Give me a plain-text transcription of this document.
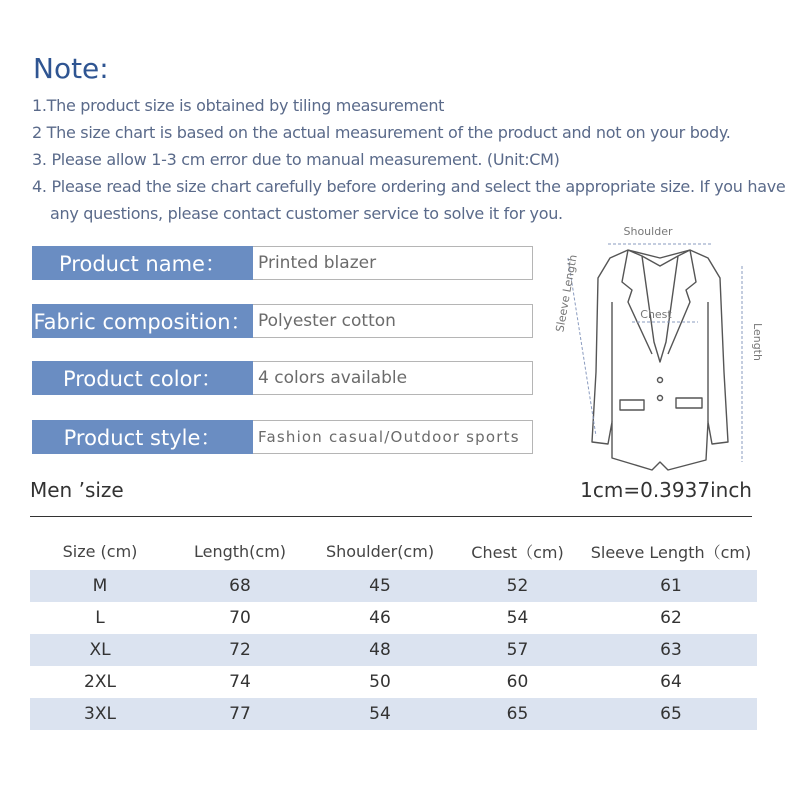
Note:
1.The product size is obtained by tiling measurement
2 The size chart is based on the actual measurement of the product and not on your body.
3. Please allow 1-3 cm error due to manual measurement. (Unit:CM)
4. Please read the size chart carefully before ordering and select the appropriate size. If you have
any questions, please contact customer service to solve it for you.
Product name：	Printed blazer
Fabric composition： Polyester cotton
Product color：	4 colors available
Product style：	Fashion casual/Outdoor sports
Shoulder
Sleeve Length	Chest
Length
Men ’size	1cm=0.3937inch
Size (cm)	Length(cm)	Shoulder(cm)	Chest（cm)	Sleeve Length（cm)
M	68	45	52	61
L	70	46	54	62
XL	72	48	57	63
2XL	74	50	60	64
3XL	77	54	65	65
